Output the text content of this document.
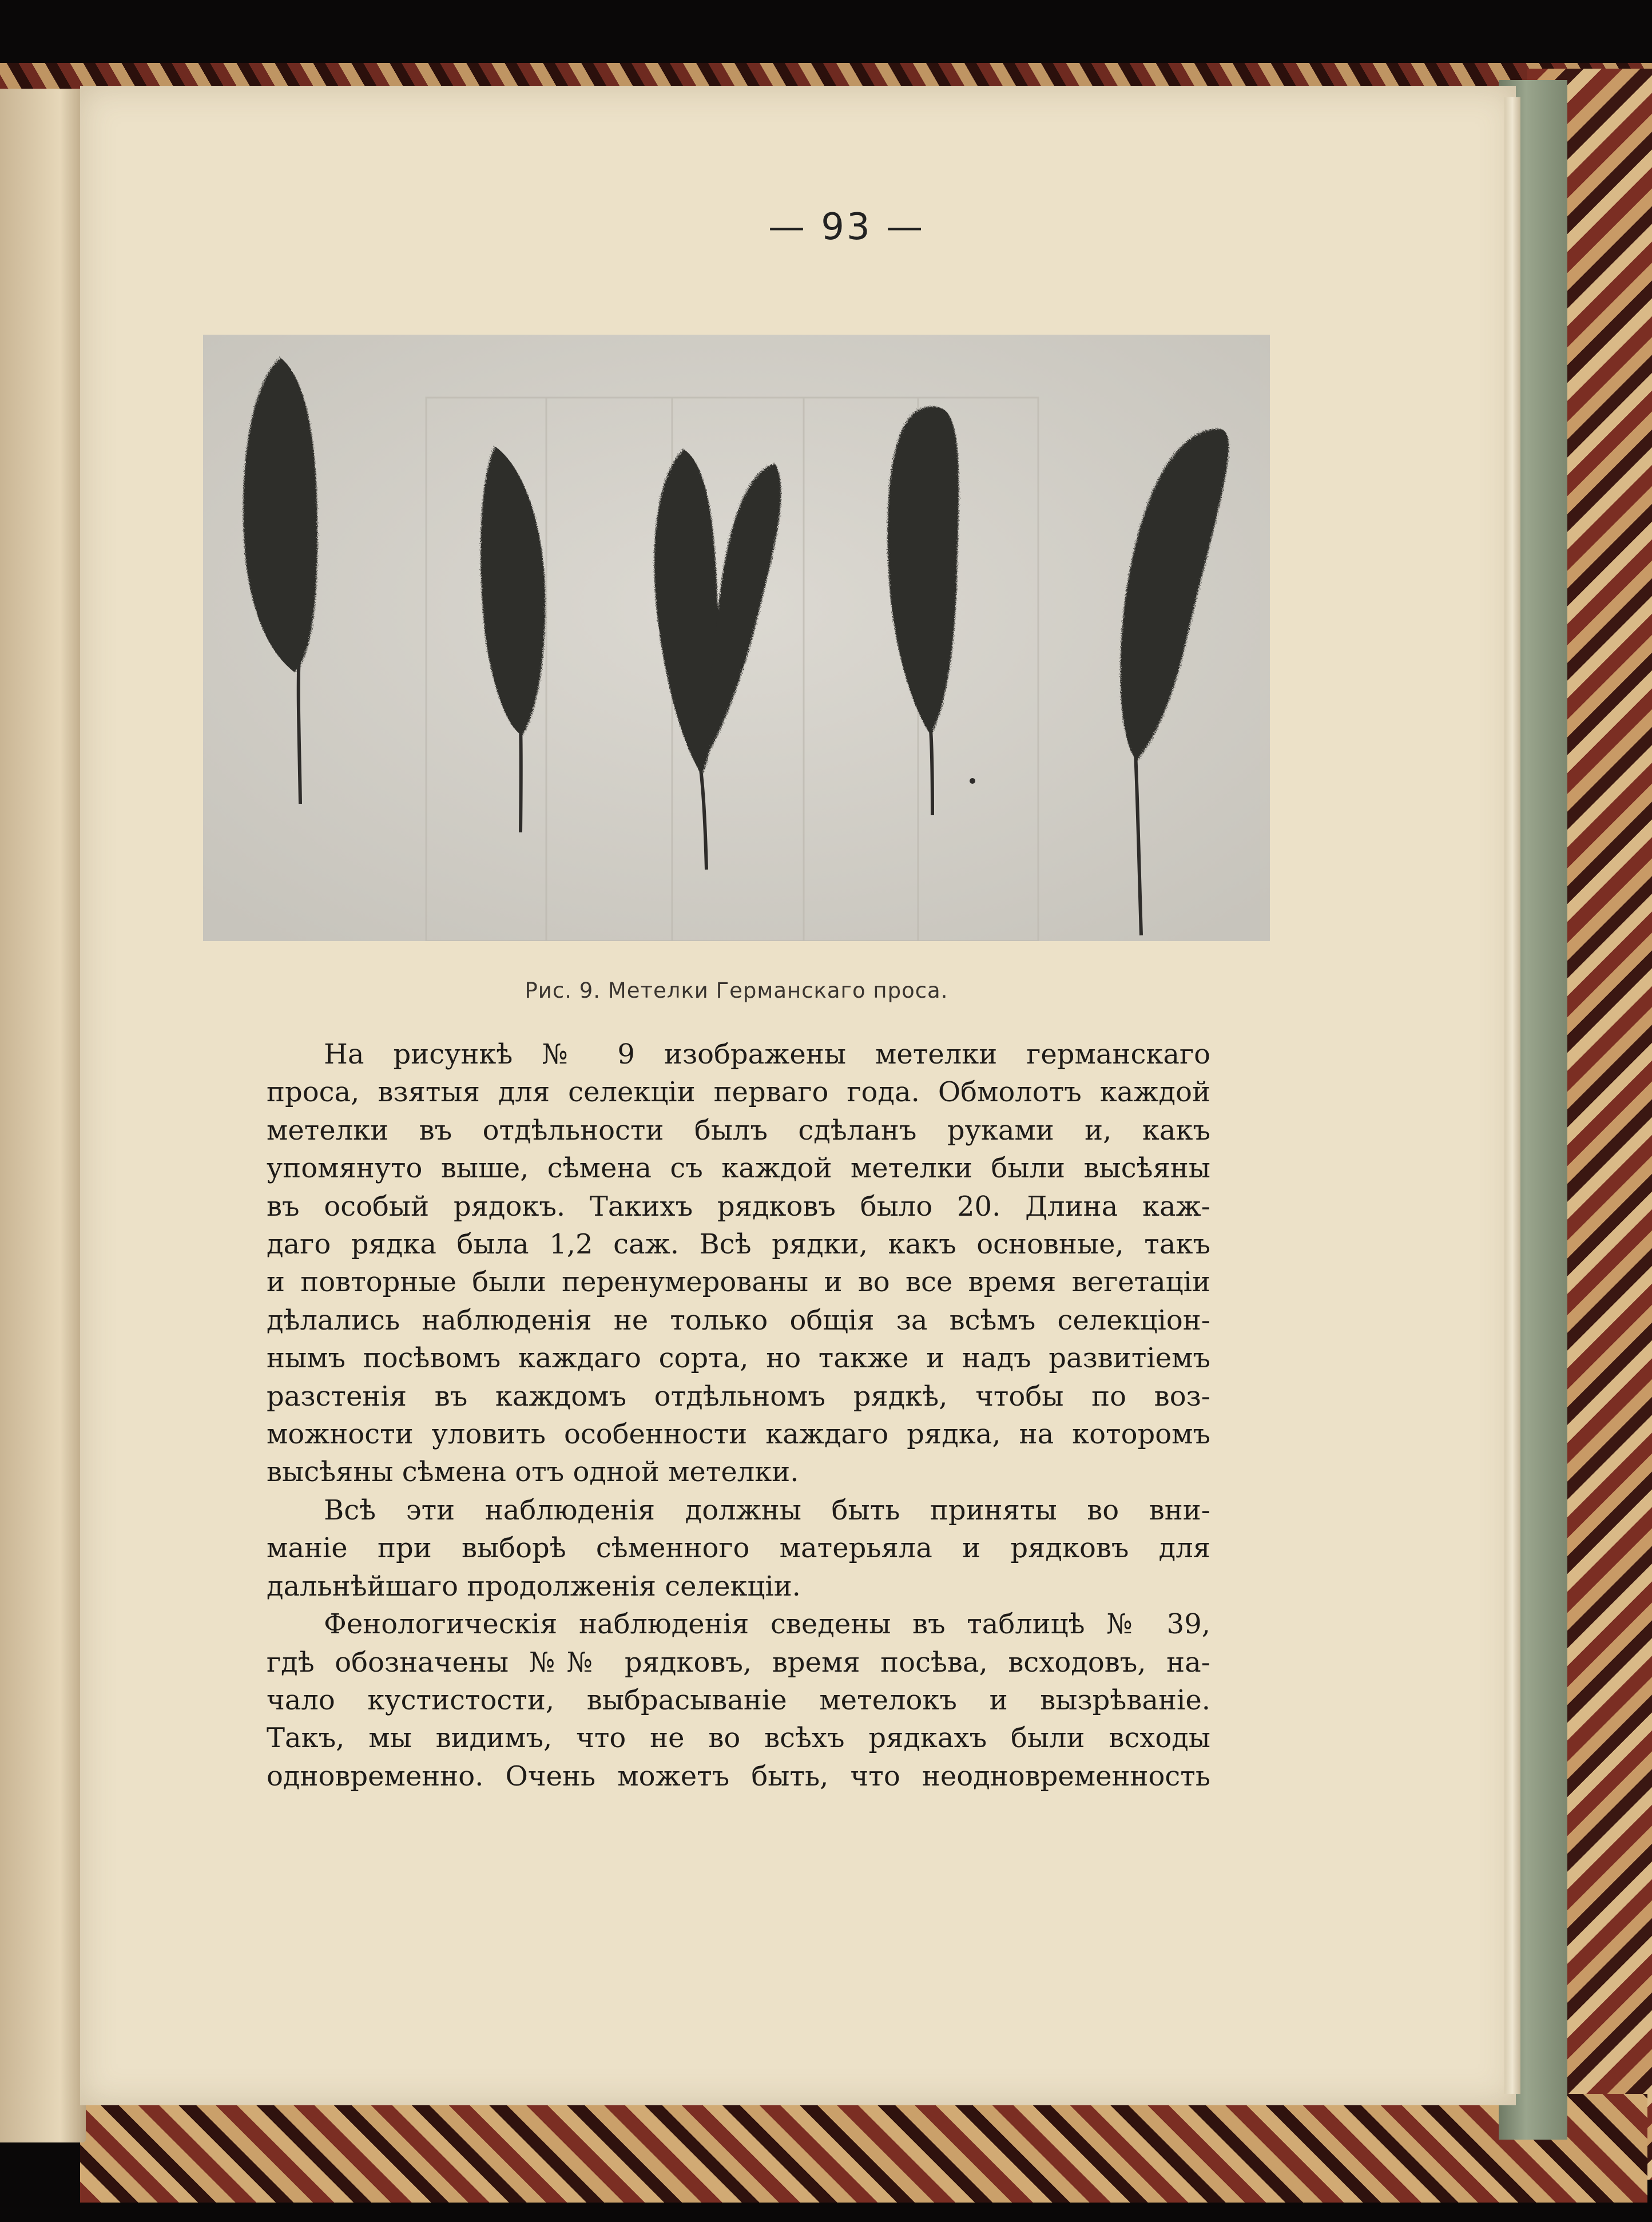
— 93 —
Рис. 9. Метелки Германскаго проса.

На рисункѣ № 9 изображены метелки германскаго
проса, взятыя для селекціи перваго года. Обмолотъ каждой
метелки въ отдѣльности былъ сдѣланъ руками и, какъ
упомянуто выше, сѣмена съ каждой метелки были высѣяны
въ особый рядокъ. Такихъ рядковъ было 20. Длина каж-
даго рядка была 1,2 саж. Всѣ рядки, какъ основные, такъ
и повторные были перенумерованы и во все время вегетаціи
дѣлались наблюденія не только общія за всѣмъ селекціон-
нымъ посѣвомъ каждаго сорта, но также и надъ развитіемъ
разстенія въ каждомъ отдѣльномъ рядкѣ, чтобы по воз-
можности уловить особенности каждаго рядка, на которомъ
высѣяны сѣмена отъ одной метелки.

Всѣ эти наблюденія должны быть приняты во вни-
маніе при выборѣ сѣменного матерьяла и рядковъ для
дальнѣйшаго продолженія селекціи.

Фенологическія наблюденія сведены въ таблицѣ № 39,
гдѣ обозначены №№ рядковъ, время посѣва, всходовъ, на-
чало кустистости, выбрасываніе метелокъ и вызрѣваніе.
Такъ, мы видимъ, что не во всѣхъ рядкахъ были всходы
одновременно. Очень можетъ быть, что неодновременность
